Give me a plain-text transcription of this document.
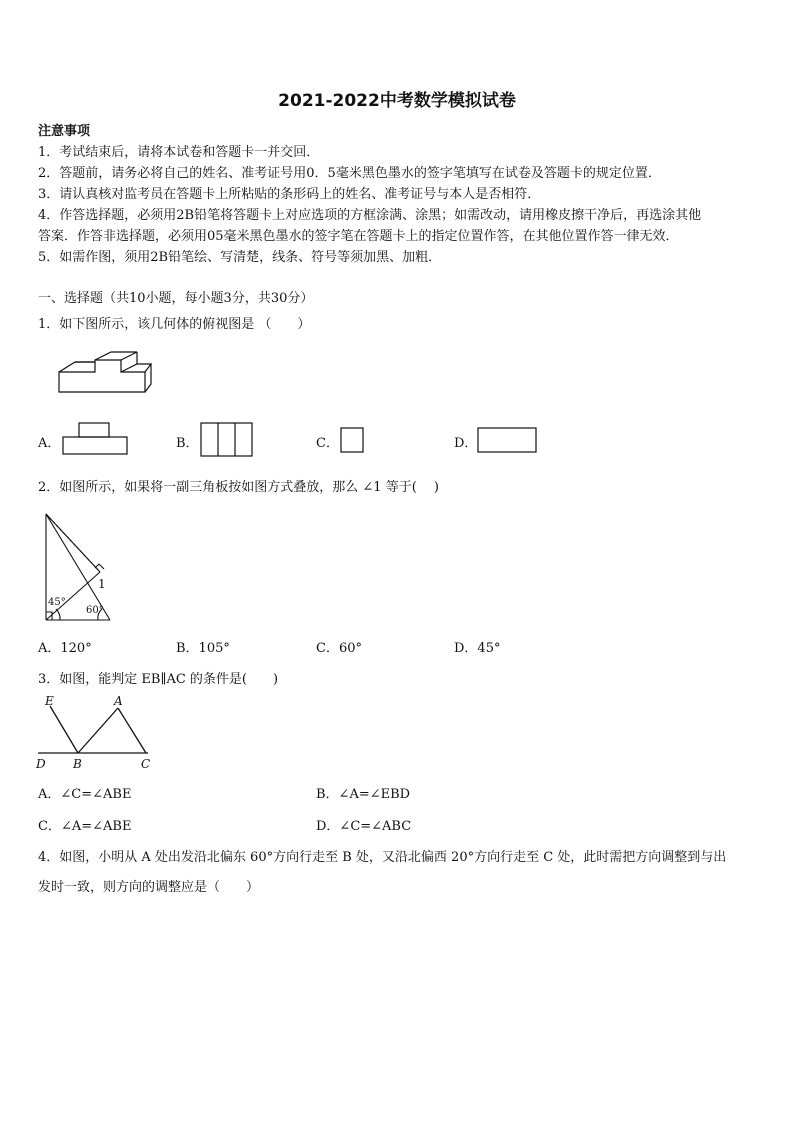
2021-2022中考数学模拟试卷
注意事项
1．考试结束后，请将本试卷和答题卡一并交回．
2．答题前，请务必将自己的姓名、准考证号用0．5毫米黑色墨水的签字笔填写在试卷及答题卡的规定位置．
3．请认真核对监考员在答题卡上所粘贴的条形码上的姓名、准考证号与本人是否相符．
4．作答选择题，必须用2B铅笔将答题卡上对应选项的方框涂满、涂黑；如需改动，请用橡皮擦干净后，再选涂其他
答案．作答非选择题，必须用05毫米黑色墨水的签字笔在答题卡上的指定位置作答，在其他位置作答一律无效．
5．如需作图，须用2B铅笔绘、写清楚，线条、符号等须加黑、加粗．
一、选择题（共10小题，每小题3分，共30分）
1．如下图所示，该几何体的俯视图是 （　　）
A．	B．	C．	D．
2．如图所示，如果将一副三角板按如图方式叠放，那么 ∠1 等于(　 )
1
45°
60°
A．120°	B．105°	C．60°	D．45°
3．如图，能判定 EB∥AC 的条件是(　　)
E	A
D B	C
A．∠C=∠ABE	B．∠A=∠EBD
C．∠A=∠ABE	D．∠C=∠ABC
4．如图，小明从 A 处出发沿北偏东 60°方向行走至 B 处，又沿北偏西 20°方向行走至 C 处，此时需把方向调整到与出
发时一致，则方向的调整应是（　　）
